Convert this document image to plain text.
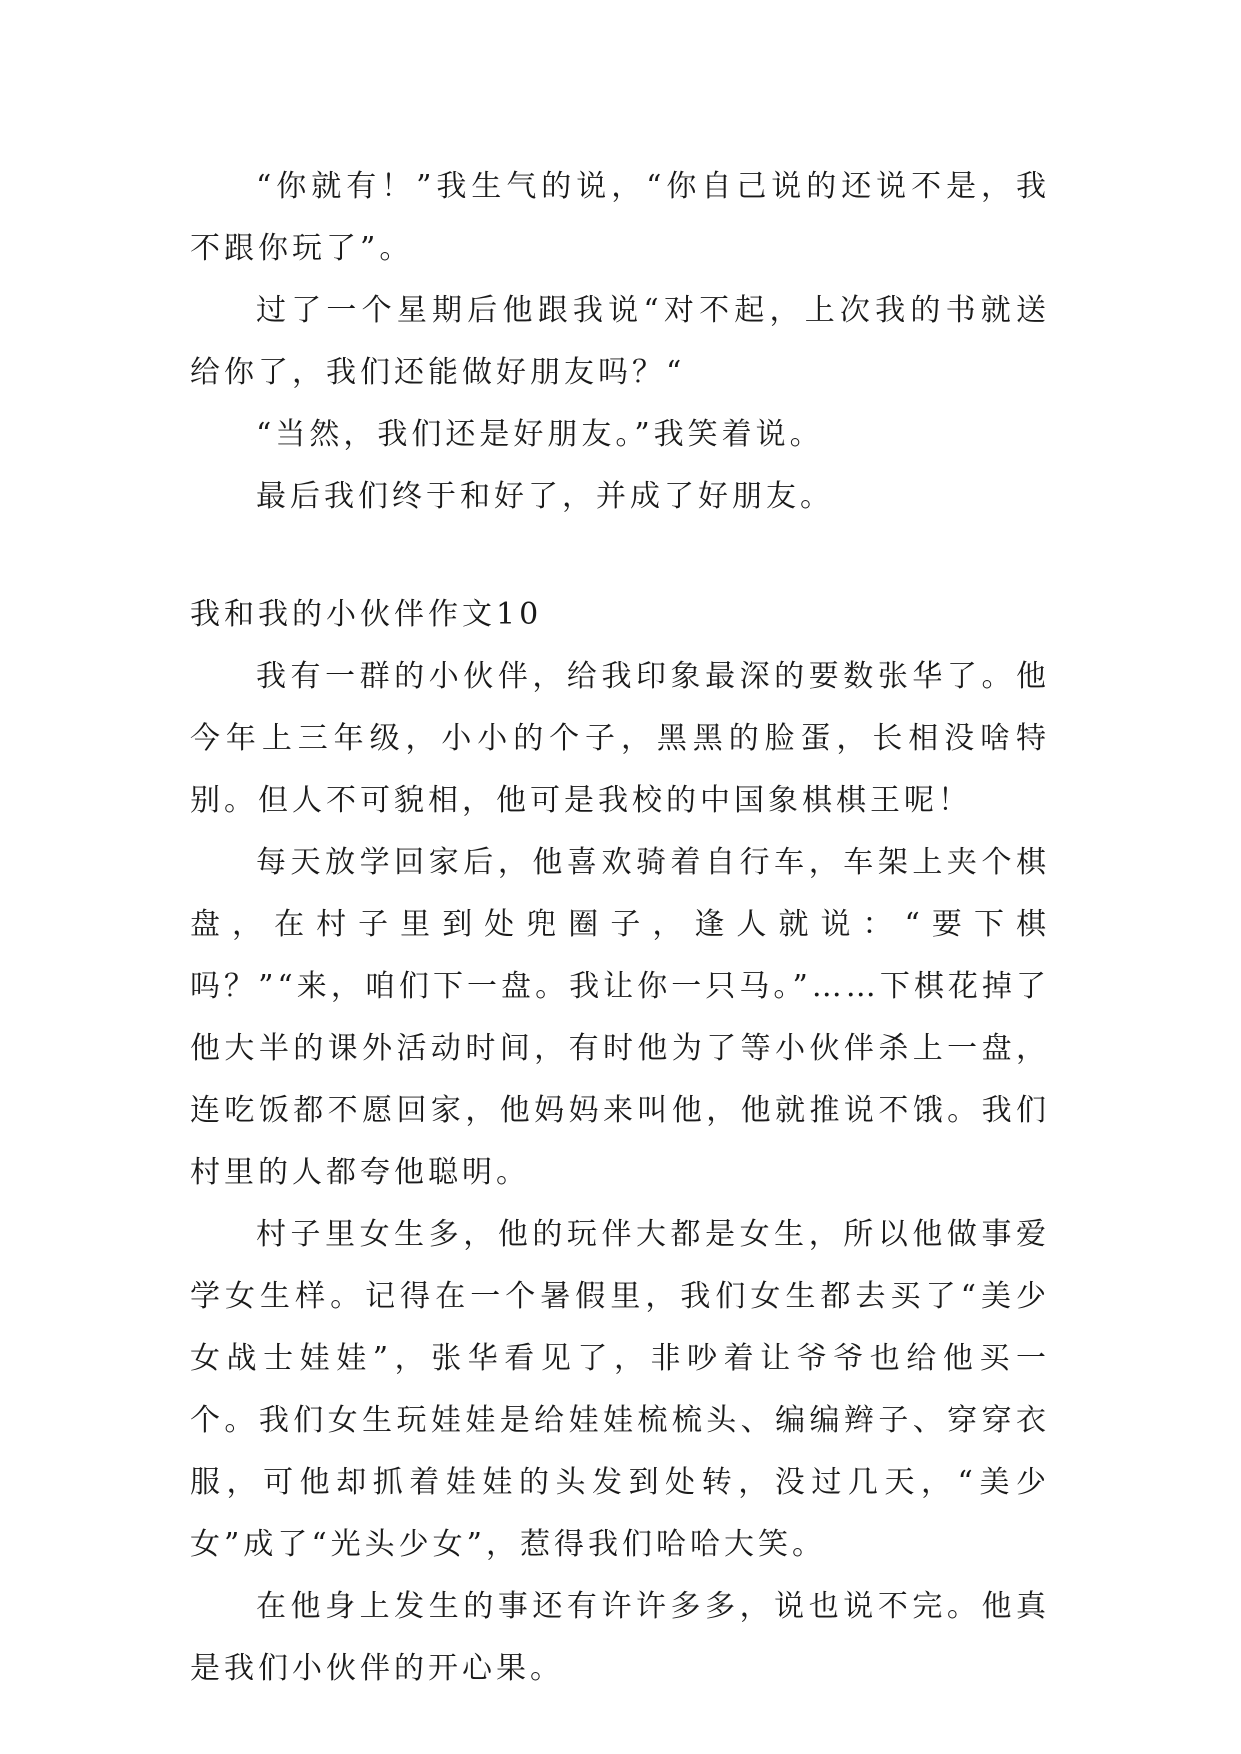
“你就有！”我生气的说，“你自己说的还说不是，我不跟你玩了”。

过了一个星期后他跟我说“对不起，上次我的书就送给你了，我们还能做好朋友吗？“

“当然，我们还是好朋友。”我笑着说。

最后我们终于和好了，并成了好朋友。

我和我的小伙伴作文10

我有一群的小伙伴，给我印象最深的要数张华了。他今年上三年级，小小的个子，黑黑的脸蛋，长相没啥特别。但人不可貌相，他可是我校的中国象棋棋王呢！

每天放学回家后，他喜欢骑着自行车，车架上夹个棋盘，在村子里到处兜圈子，逢人就说：“要下棋吗？”“来，咱们下一盘。我让你一只马。”……下棋花掉了他大半的课外活动时间，有时他为了等小伙伴杀上一盘，连吃饭都不愿回家，他妈妈来叫他，他就推说不饿。我们村里的人都夸他聪明。

村子里女生多，他的玩伴大都是女生，所以他做事爱学女生样。记得在一个暑假里，我们女生都去买了“美少女战士娃娃”，张华看见了，非吵着让爷爷也给他买一个。我们女生玩娃娃是给娃娃梳梳头、编编辫子、穿穿衣服，可他却抓着娃娃的头发到处转，没过几天，“美少女”成了“光头少女”，惹得我们哈哈大笑。

在他身上发生的事还有许许多多，说也说不完。他真是我们小伙伴的开心果。
